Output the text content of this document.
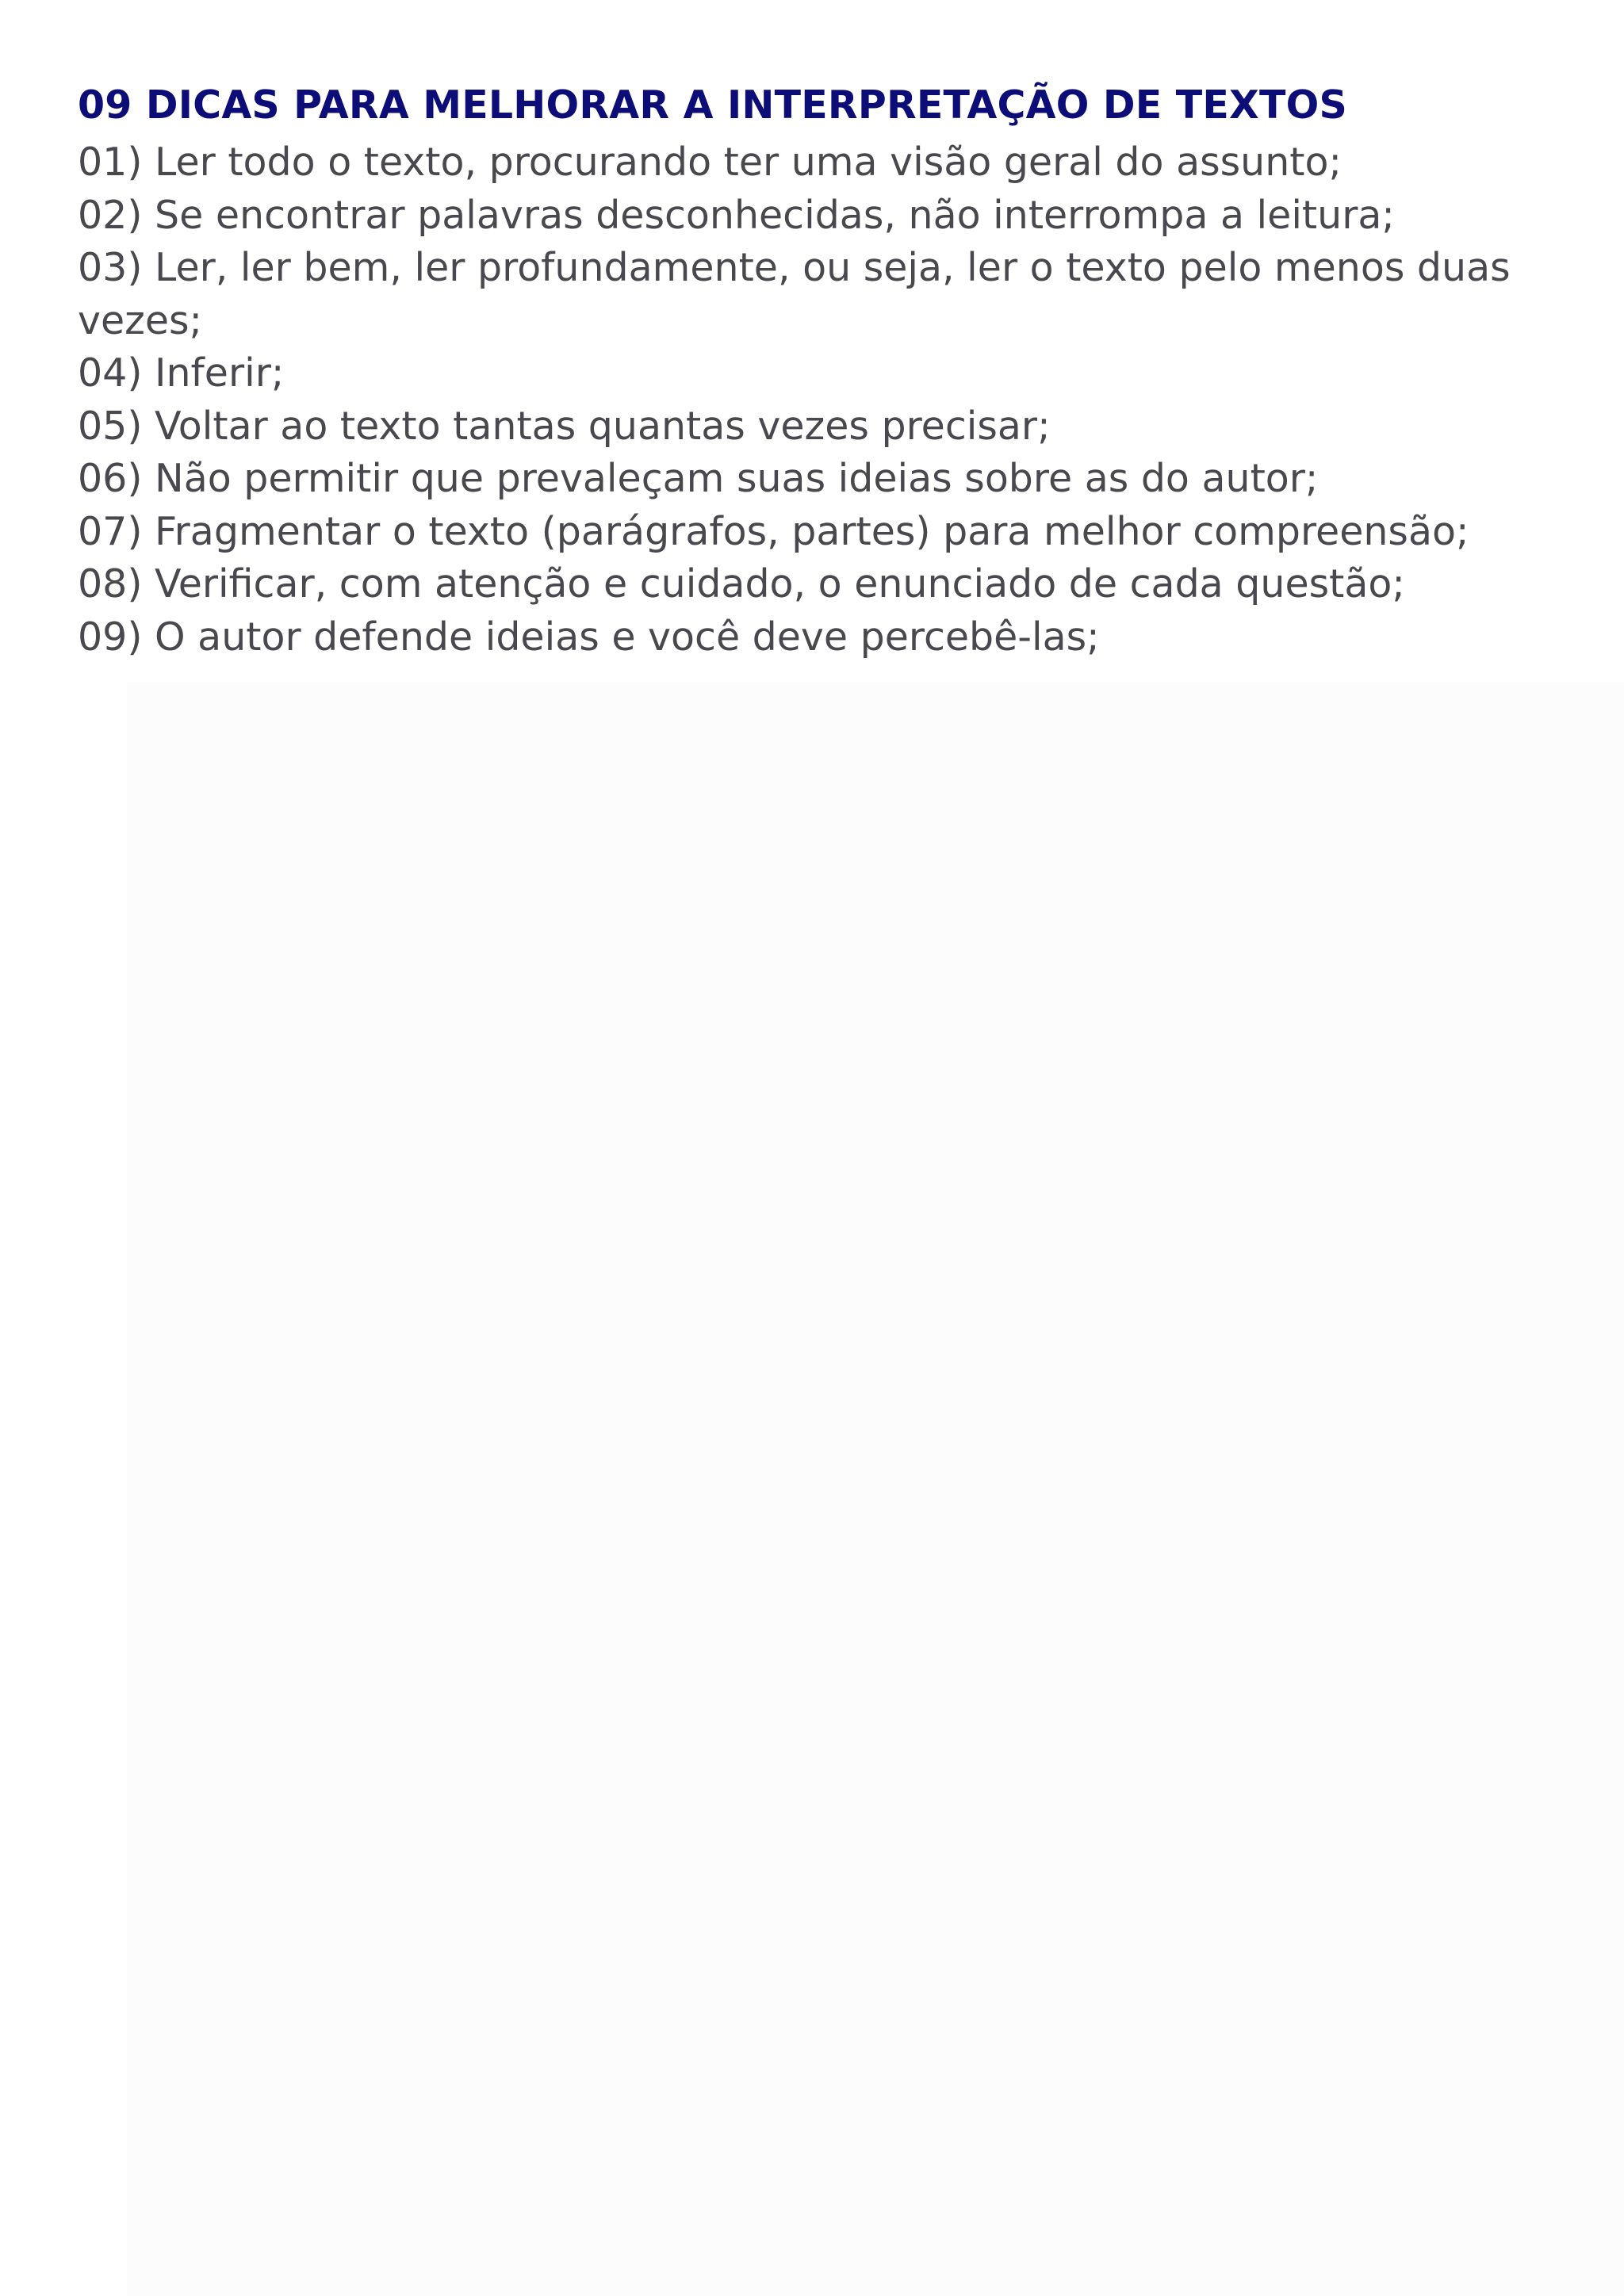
09 DICAS PARA MELHORAR A INTERPRETAÇÃO DE TEXTOS
01) Ler todo o texto, procurando ter uma visão geral do assunto;
02) Se encontrar palavras desconhecidas, não interrompa a leitura;
03) Ler, ler bem, ler profundamente, ou seja, ler o texto pelo menos duas vezes;
04) Inferir;
05) Voltar ao texto tantas quantas vezes precisar;
06) Não permitir que prevaleçam suas ideias sobre as do autor;
07) Fragmentar o texto (parágrafos, partes) para melhor compreensão;
08) Verificar, com atenção e cuidado, o enunciado de cada questão;
09) O autor defende ideias e você deve percebê-las;
